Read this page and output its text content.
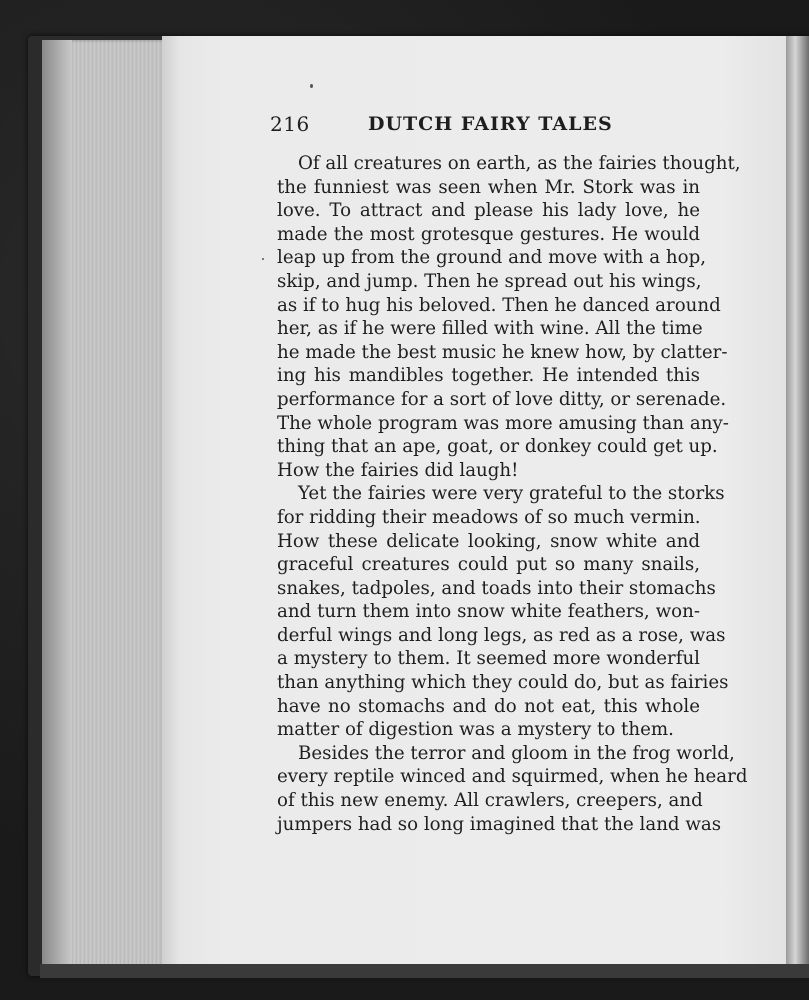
216	DUTCH FAIRY TALES
Of all creatures on earth, as the fairies thought,
the funniest was seen when Mr. Stork was in
love. To attract and please his lady love, he
made the most grotesque gestures. He would
leap up from the ground and move with a hop,
skip, and jump. Then he spread out his wings,
as if to hug his beloved. Then he danced around
her, as if he were filled with wine. All the time
he made the best music he knew how, by clatter-
ing his mandibles together. He intended this
performance for a sort of love ditty, or serenade.
The whole program was more amusing than any-
thing that an ape, goat, or donkey could get up.
How the fairies did laugh!
Yet the fairies were very grateful to the storks
for ridding their meadows of so much vermin.
How these delicate looking, snow white and
graceful creatures could put so many snails,
snakes, tadpoles, and toads into their stomachs
and turn them into snow white feathers, won-
derful wings and long legs, as red as a rose, was
a mystery to them. It seemed more wonderful
than anything which they could do, but as fairies
have no stomachs and do not eat, this whole
matter of digestion was a mystery to them.
Besides the terror and gloom in the frog world,
every reptile winced and squirmed, when he heard
of this new enemy. All crawlers, creepers, and
jumpers had so long imagined that the land was
